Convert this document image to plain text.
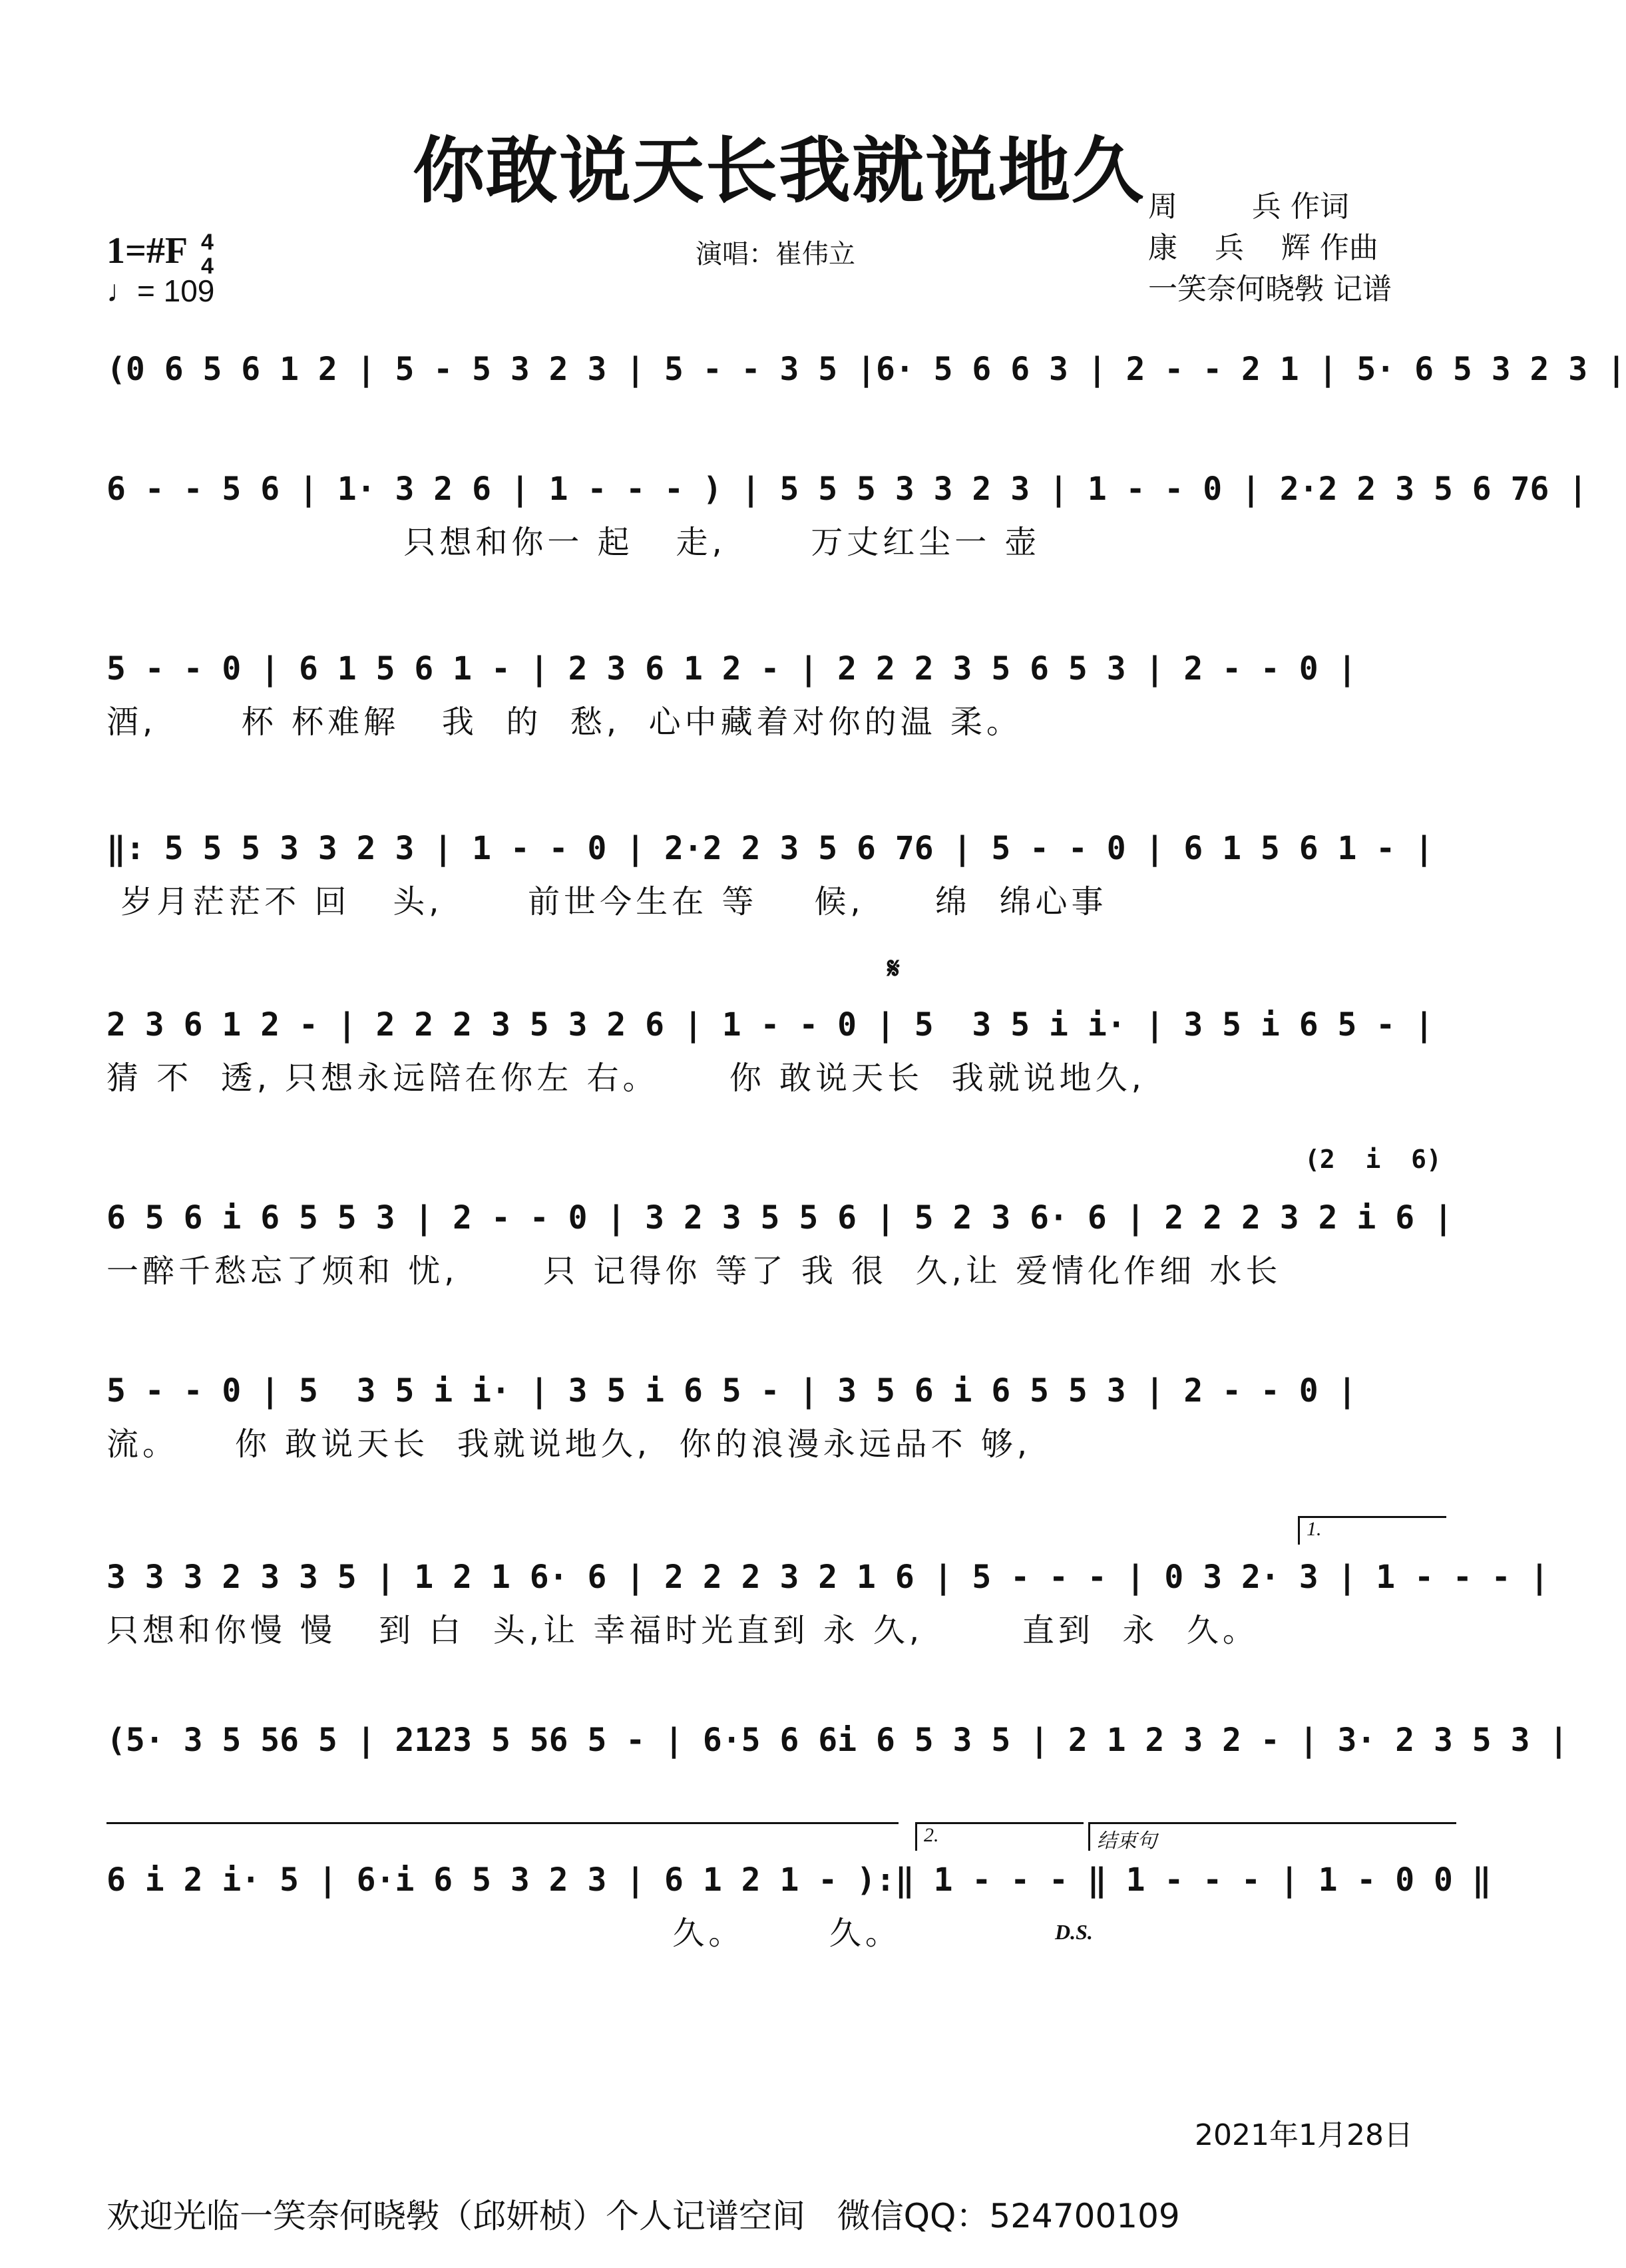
你敢说天长我就说地久
1=#F 4
4
♩= 109
演唱：崔伟立
周        兵 作词
康    兵    辉 作曲
一笑奈何晓斅 记谱
(0 6 5 6 1 2 | 5 - 5 3 2 3 | 5 - - 3 5 |6· 5 6 6 3 | 2 - - 2 1 | 5· 6 5 3 2 3 |
6 - - 5 6 | 1· 3 2 6 | 1 - - - ) | 5 5 5 3 3 2 3 | 1 - - 0 | 2·2 2 3 5 6 76 |
只想和你一 起   走,      万丈红尘一 壶
5 - - 0 | 6 1 5 6 1 - | 2 3 6 1 2 - | 2 2 2 3 5 6 5 3 | 2 - - 0 |
酒,      杯 杯难解   我  的  愁,  心中藏着对你的温 柔。
‖: 5 5 5 3 3 2 3 | 1 - - 0 | 2·2 2 3 5 6 76 | 5 - - 0 | 6 1 5 6 1 - |
岁月茫茫不 回   头,      前世今生在 等    候,     绵  绵心事
𝄋
2 3 6 1 2 - | 2 2 2 3 5 3 2 6 | 1 - - 0 | 5  3 5 i i· | 3 5 i 6 5 - |
猜 不  透, 只想永远陪在你左 右。     你 敢说天长  我就说地久,
(2  i  6)
6 5 6 i 6 5 5 3 | 2 - - 0 | 3 2 3 5 5 6 | 5 2 3 6· 6 | 2 2 2 3 2 i 6 |
一醉千愁忘了烦和 忧,      只 记得你 等了 我 很  久,让 爱情化作细 水长
5 - - 0 | 5  3 5 i i· | 3 5 i 6 5 - | 3 5 6 i 6 5 5 3 | 2 - - 0 |
流。    你 敢说天长  我就说地久,  你的浪漫永远品不 够,
1.
3 3 3 2 3 3 5 | 1 2 1 6· 6 | 2 2 2 3 2 1 6 | 5 - - - | 0 3 2· 3 | 1 - - - |
只想和你慢 慢   到 白  头,让 幸福时光直到 永 久,       直到  永  久。
(5· 3 5 56 5 | 2123 5 56 5 - | 6·5 6 6i 6 5 3 5 | 2 1 2 3 2 - | 3· 2 3 5 3 |
2.	结束句
6 i 2 i· 5 | 6·i 6 5 3 2 3 | 6 1 2 1 - ):‖ 1 - - - ‖ 1 - - - | 1 - 0 0 ‖
久。      久。	D.S.
2021年1月28日
欢迎光临一笑奈何晓斅（邱妍桢）个人记谱空间   微信QQ：524700109
